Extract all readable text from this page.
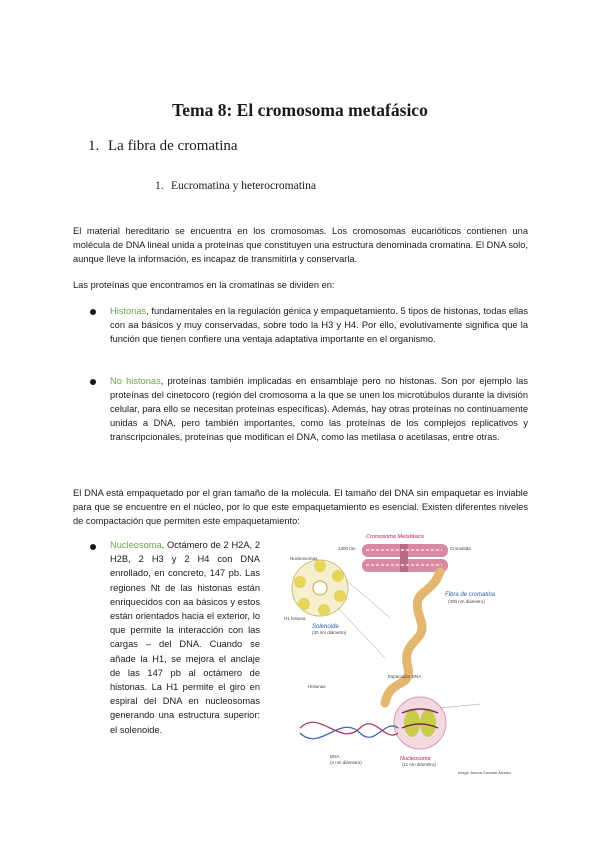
Tema 8: El cromosoma metafásico
1. La fibra de cromatina
1. Eucromatina y heterocromatina

El material hereditario se encuentra en los cromosomas. Los cromosomas eucarióticos contienen una molécula de DNA lineal unida a proteínas que constituyen una estructura denominada cromatina. El DNA solo, aunque lleve la información, es incapaz de transmitirla y conservarla.

Las proteínas que encontramos en la cromatinas se dividen en:

Histonas, fundamentales en la regulación génica y empaquetamiento. 5 tipos de histonas, todas ellas con aa básicos y muy conservadas, sobre todo la H3 y H4. Por ello, evolutivamente significa que la función que tienen confiere una ventaja adaptativa importante en el organismo.

No histonas, proteínas también implicadas en ensamblaje pero no histonas. Son por ejemplo las proteínas del cinetocoro (región del cromosoma a la que se unen los microtúbulos durante la división celular, para ello se necesitan proteínas específicas). Además, hay otras proteínas no continuamente unidas a DNA, pero también importantes, como las proteínas de los complejos replicativos y transcripcionales, proteínas que modifican el DNA, como las metilasa o acetilasas, entre otras.

El DNA está empaquetado por el gran tamaño de la molécula. El tamaño del DNA sin empaquetar es inviable para que se encuentre en el núcleo, por lo que este empaquetamiento es esencial. Existen diferentes niveles de compactación que permiten este empaquetamiento:

Nucleosoma. Octámero de 2 H2A, 2 H2B, 2 H3 y 2 H4 con DNA enrollado, en concreto, 147 pb. Las regiones Nt de las histonas están enriquecidos con aa básicos y estos están orientados hacia el exterior, lo que permite la interacción con las cargas – del DNA. Cuando se añade la H1, se mejora el anclaje de las 147 pb al octámero de histonas. La H1 permite el giro en espiral del DNA en nucleosomas generando una estructura superior: el solenoide.

Cromosoma Metafásico
Cromátida
1400 nm
Fibra de cromatina
(300 nm diámetro)
Nucleosomas
Solenoide
(30 nm diámetro)
H1 histona
Histonas
Espaciador DNA
Nucleosoma
(11 nm diámetro)
DNA
(2 nm diámetro)
Image: Aurora Guzmán Álvarez
